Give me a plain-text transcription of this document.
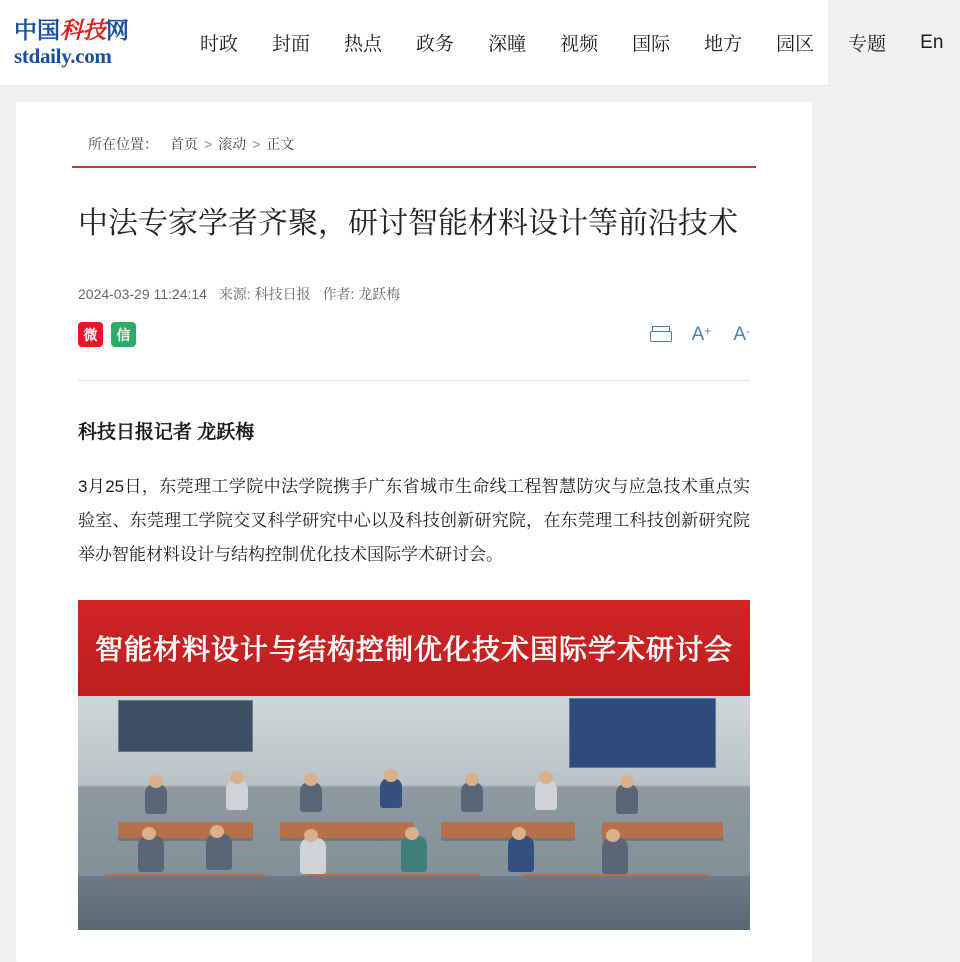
中国科技网
stdaily.com	时政	封面	热点	政务	深瞳	视频	国际	地方	园区	专题	En
所在位置： 首页 > 滚动 > 正文
中法专家学者齐聚，研讨智能材料设计等前沿技术
2024-03-29 11:24:14 来源: 科技日报 作者: 龙跃梅
微 信	A+ A-
科技日报记者 龙跃梅

3月25日，东莞理工学院中法学院携手广东省城市生命线工程智慧防灾与应急技术重点实验室、东莞理工学院交叉科学研究中心以及科技创新研究院，在东莞理工科技创新研究院举办智能材料设计与结构控制优化技术国际学术研讨会。

智能材料设计与结构控制优化技术国际学术研讨会
